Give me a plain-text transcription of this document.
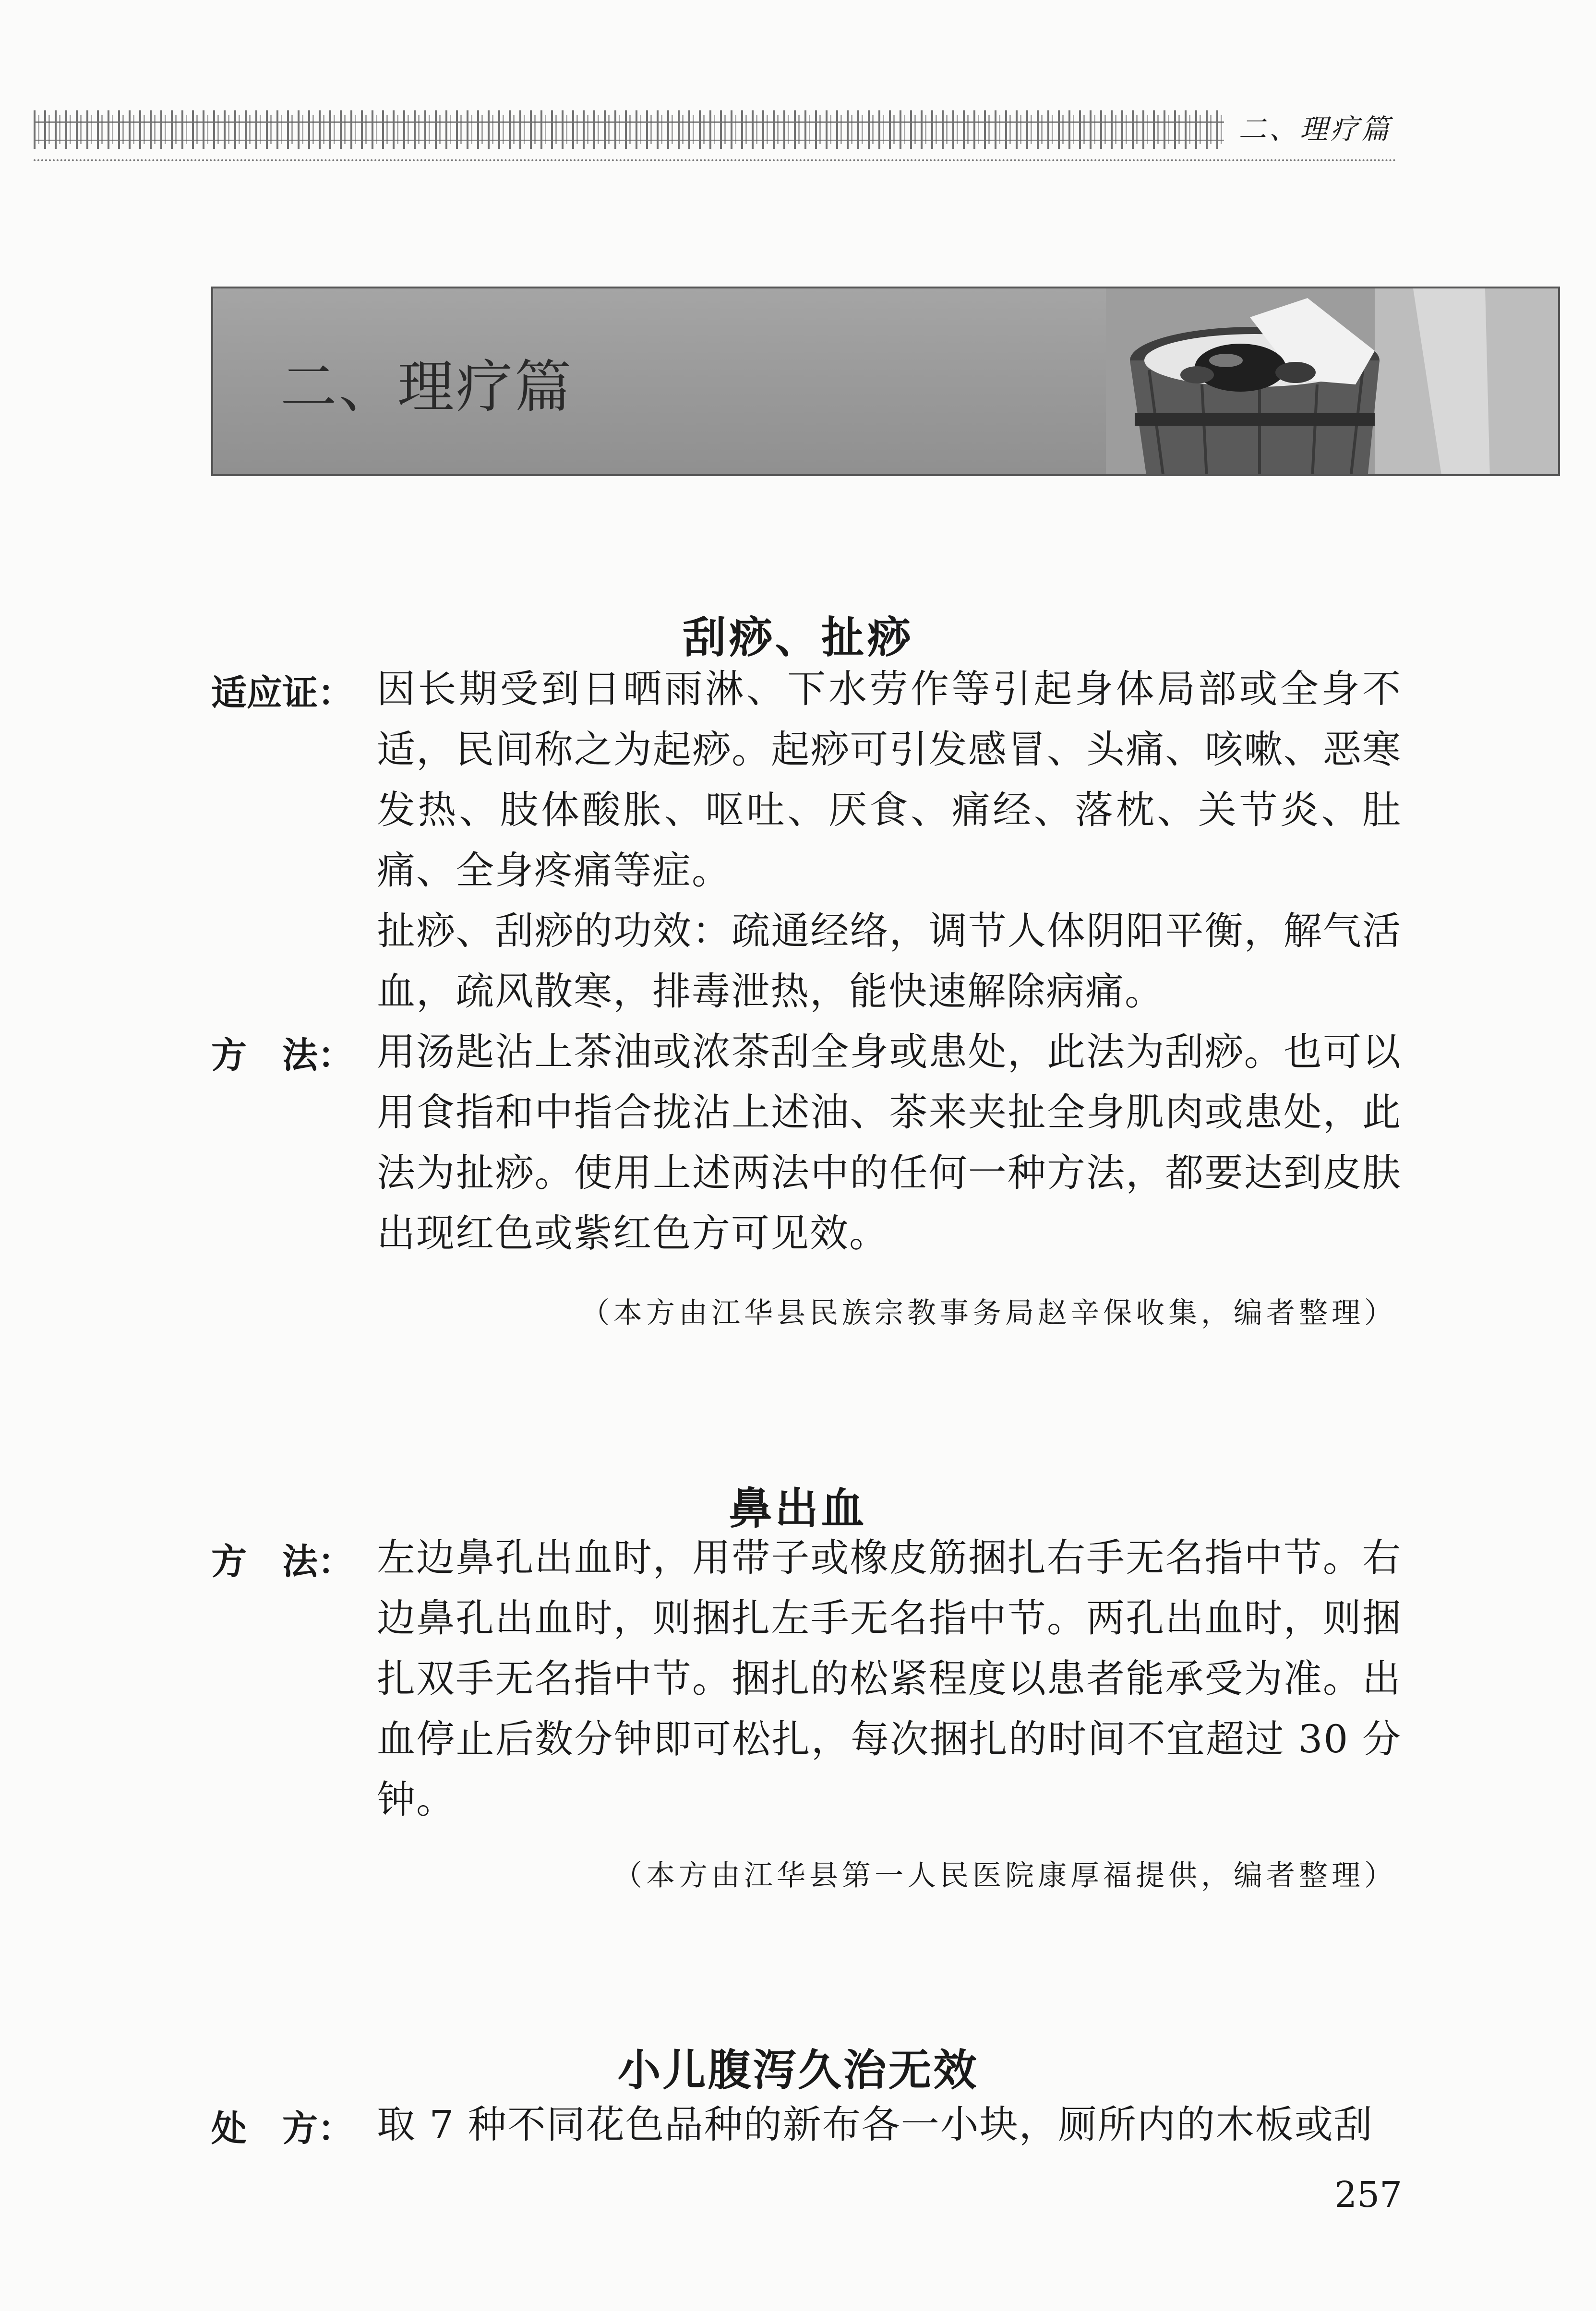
二、理疗篇
二、理疗篇
刮痧、扯痧
适应证： 因长期受到日晒雨淋、下水劳作等引起身体局部或全身不适，民间称之为起痧。起痧可引发感冒、头痛、咳嗽、恶寒发热、肢体酸胀、呕吐、厌食、痛经、落枕、关节炎、肚痛、全身疼痛等症。
扯痧、刮痧的功效：疏通经络，调节人体阴阳平衡，解气活血，疏风散寒，排毒泄热，能快速解除病痛。
方　法： 用汤匙沾上茶油或浓茶刮全身或患处，此法为刮痧。也可以用食指和中指合拢沾上述油、茶来夹扯全身肌肉或患处，此法为扯痧。使用上述两法中的任何一种方法，都要达到皮肤出现红色或紫红色方可见效。
（本方由江华县民族宗教事务局赵辛保收集，编者整理）
鼻出血
方　法： 左边鼻孔出血时，用带子或橡皮筋捆扎右手无名指中节。右边鼻孔出血时，则捆扎左手无名指中节。两孔出血时，则捆扎双手无名指中节。捆扎的松紧程度以患者能承受为准。出血停止后数分钟即可松扎，每次捆扎的时间不宜超过 30 分钟。
（本方由江华县第一人民医院康厚福提供，编者整理）
小儿腹泻久治无效
处　方： 取 7 种不同花色品种的新布各一小块，厕所内的木板或刮
257
